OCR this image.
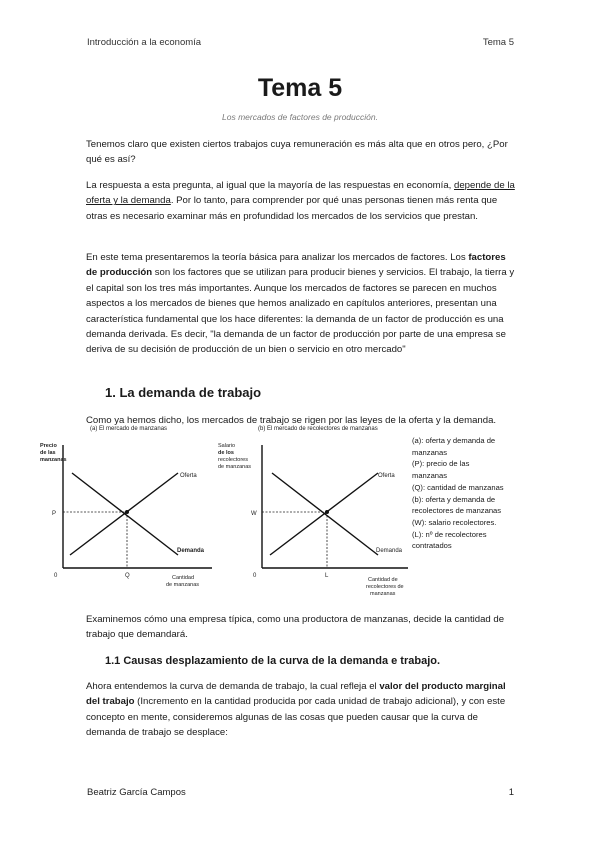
Introducción a la economía	Tema 5
Tema 5
Los mercados de factores de producción.
Tenemos claro que existen ciertos trabajos cuya remuneración es más alta que en otros pero, ¿Por qué es así?
La respuesta a esta pregunta, al igual que la mayoría de las respuestas en economía, depende de la oferta y la demanda. Por lo tanto, para comprender por qué unas personas tienen más renta que otras es necesario examinar más en profundidad los mercados de los servicios que prestan.
En este tema presentaremos la teoría básica para analizar los mercados de factores. Los factores de producción son los factores que se utilizan para producir bienes y servicios. El trabajo, la tierra y el capital son los tres más importantes. Aunque los mercados de factores se parecen en muchos aspectos a los mercados de bienes que hemos analizado en capítulos anteriores, presentan una característica fundamental que los hace diferentes: la demanda de un factor de producción es una demanda derivada. Es decir, "la demanda de un factor de producción por parte de una empresa se deriva de su decisión de producción de un bien o servicio en otro mercado"
1. La demanda de trabajo
Como ya hemos dicho, los mercados de trabajo se rigen por las leyes de la oferta y la demanda.
(a) El mercado de manzanas
Precio
de las
manzanas
Oferta
Demanda
P
Q
0	Cantidad
de manzanas
(b) El mercado de recolectores de manzanas
Salario
de los
recolectores
de manzanas
Oferta
Demanda
W
L
0
Cantidad de
recolectores de
manzanas
(a): oferta y demanda de
manzanas
(P): precio de las
manzanas
(Q): cantidad de manzanas
(b): oferta y demanda de
recolectores de manzanas
(W): salario recolectores.
(L): nº de recolectores
contratados
Examinemos cómo una empresa típica, como una productora de manzanas, decide la cantidad de trabajo que demandará.
1.1 Causas desplazamiento de la curva de la demanda e trabajo.
Ahora entendemos la curva de demanda de trabajo, la cual refleja el valor del producto marginal del trabajo (Incremento en la cantidad producida por cada unidad de trabajo adicional), y con este concepto en mente, consideremos algunas de las cosas que pueden causar que la curva de demanda de trabajo se desplace:
Beatriz García Campos	1
